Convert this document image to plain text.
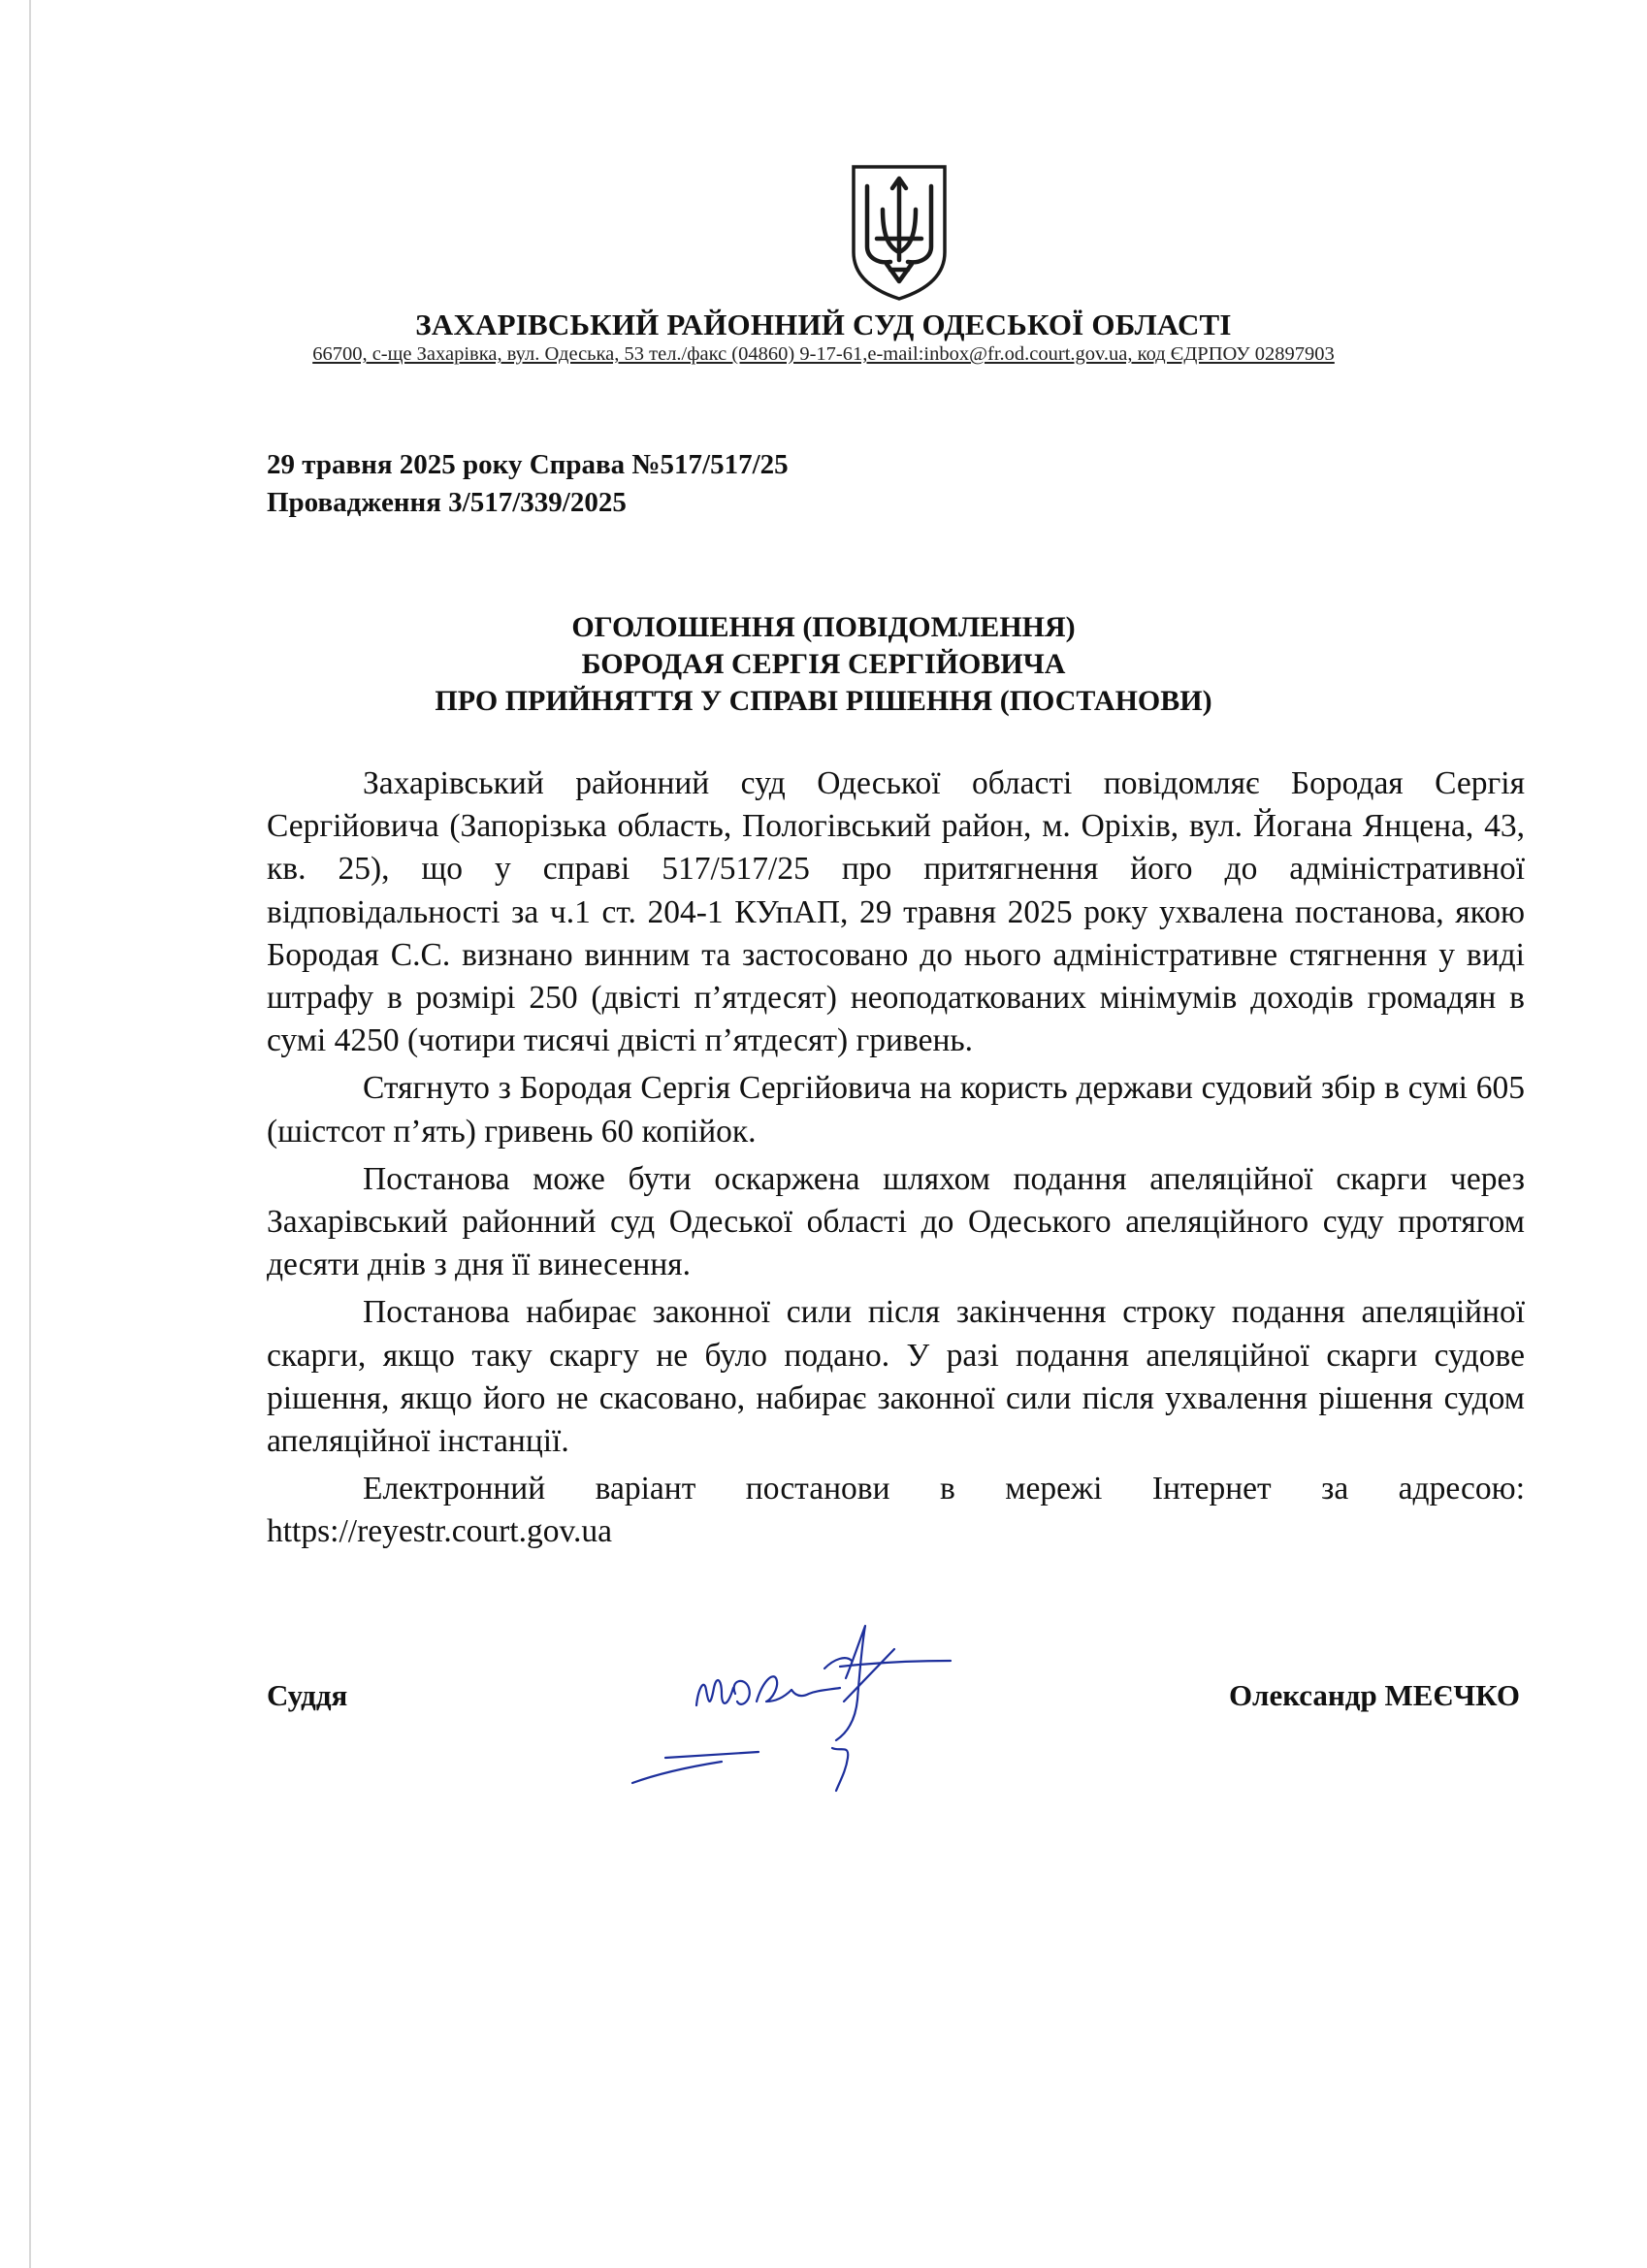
ЗАХАРІВСЬКИЙ РАЙОННИЙ СУД ОДЕСЬКОЇ ОБЛАСТІ
66700, с-ще Захарівка, вул. Одеська, 53 тел./факс (04860) 9-17-61,e-mail:inbox@fr.od.court.gov.ua, код ЄДРПОУ 02897903
29 травня 2025 року Справа №517/517/25
Провадження 3/517/339/2025
ОГОЛОШЕННЯ (ПОВІДОМЛЕННЯ)
БОРОДАЯ СЕРГІЯ СЕРГІЙОВИЧА
ПРО ПРИЙНЯТТЯ У СПРАВІ РІШЕННЯ (ПОСТАНОВИ)

Захарівський районний суд Одеської області повідомляє Бородая Сергія Сергійовича (Запорізька область, Пологівський район, м. Оріхів, вул. Йогана Янцена, 43, кв. 25), що у справі 517/517/25 про притягнення його до адміністративної відповідальності за ч.1 ст. 204-1 КУпАП, 29 травня 2025 року ухвалена постанова, якою Бородая С.С. визнано винним та застосовано до нього адміністративне стягнення у виді штрафу в розмірі 250 (двісті п’ятдесят) неоподаткованих мінімумів доходів громадян в сумі 4250 (чотири тисячі двісті п’ятдесят) гривень.

Стягнуто з Бородая Сергія Сергійовича на користь держави судовий збір в сумі 605 (шістсот п’ять) гривень 60 копійок.

Постанова може бути оскаржена шляхом подання апеляційної скарги через Захарівський районний суд Одеської області до Одеського апеляційного суду протягом десяти днів з дня її винесення.

Постанова набирає законної сили після закінчення строку подання апеляційної скарги, якщо таку скаргу не було подано. У разі подання апеляційної скарги судове рішення, якщо його не скасовано, набирає законної сили після ухвалення рішення судом апеляційної інстанції.

Електронний варіант постанови в мережі Інтернет за адресою: https://reyestr.court.gov.ua

Суддя	Олександр МЕЄЧКО
